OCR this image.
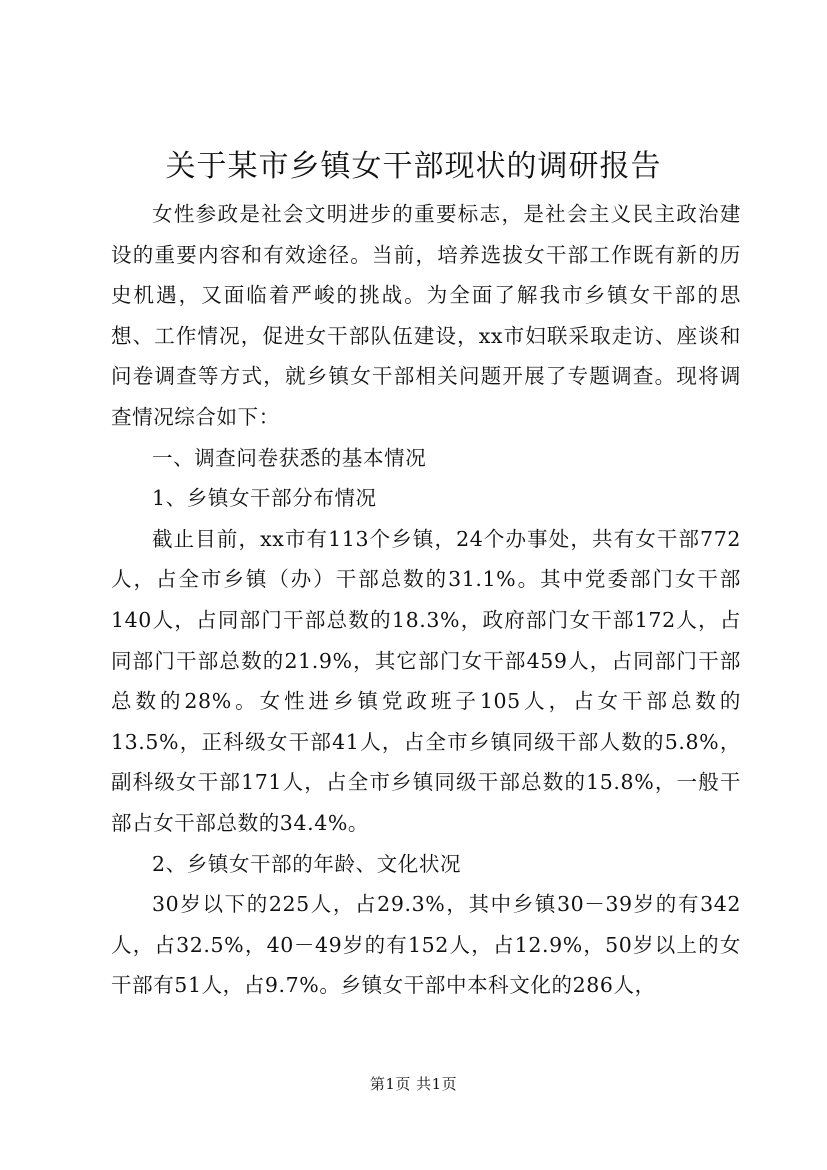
关于某市乡镇女干部现状的调研报告

女性参政是社会文明进步的重要标志，是社会主义民主政治建设的重要内容和有效途径。当前，培养选拔女干部工作既有新的历史机遇，又面临着严峻的挑战。为全面了解我市乡镇女干部的思想、工作情况，促进女干部队伍建设，xx市妇联采取走访、座谈和问卷调查等方式，就乡镇女干部相关问题开展了专题调查。现将调查情况综合如下：

一、调查问卷获悉的基本情况

1、乡镇女干部分布情况

截止目前，xx市有113个乡镇，24个办事处，共有女干部772人，占全市乡镇（办）干部总数的31.1%。其中党委部门女干部140人，占同部门干部总数的18.3%，政府部门女干部172人，占同部门干部总数的21.9%，其它部门女干部459人，占同部门干部总数的28%。女性进乡镇党政班子105人，占女干部总数的13.5%，正科级女干部41人，占全市乡镇同级干部人数的5.8%，副科级女干部171人，占全市乡镇同级干部总数的15.8%，一般干部占女干部总数的34.4%。

2、乡镇女干部的年龄、文化状况

30岁以下的225人，占29.3%，其中乡镇30－39岁的有342人，占32.5%，40－49岁的有152人，占12.9%，50岁以上的女干部有51人，占9.7%。乡镇女干部中本科文化的286人，

第1页 共1页
